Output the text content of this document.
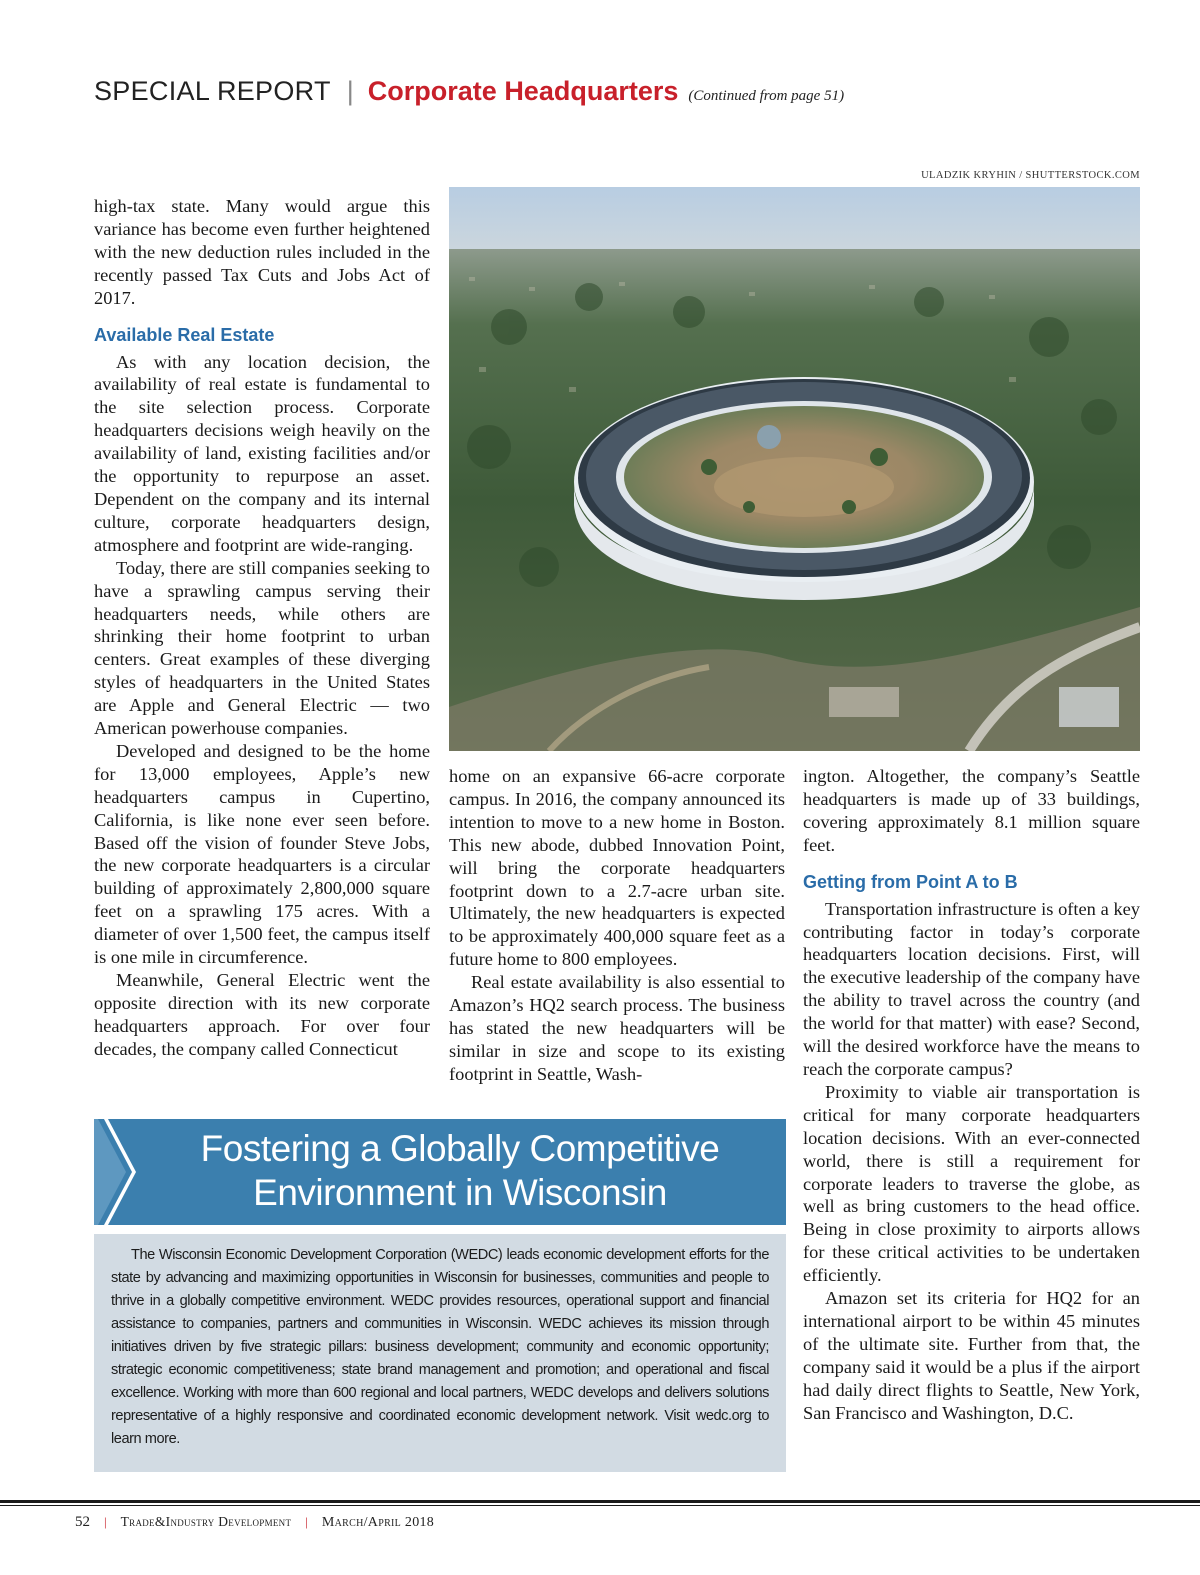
SPECIAL REPORT | Corporate Headquarters (Continued from page 51)
ULADZIK KRYHIN / SHUTTERSTOCK.COM

high-tax state. Many would argue this variance has become even further heightened with the new deduction rules included in the recently passed Tax Cuts and Jobs Act of 2017.

Available Real Estate

As with any location decision, the availability of real estate is fundamental to the site selection process. Corporate headquarters decisions weigh heavily on the availability of land, existing facilities and/or the opportunity to repurpose an asset. Dependent on the company and its internal culture, corporate headquarters design, atmosphere and footprint are wide-ranging.

Today, there are still companies seeking to have a sprawling campus serving their headquarters needs, while others are shrinking their home footprint to urban centers. Great examples of these diverging styles of headquarters in the United States are Apple and General Electric — two American powerhouse companies.

Developed and designed to be the home for 13,000 employees, Apple’s new headquarters campus in Cupertino, California, is like none ever seen before. Based off the vision of founder Steve Jobs, the new corporate headquarters is a circular building of approximately 2,800,000 square feet on a sprawling 175 acres. With a diameter of over 1,500 feet, the campus itself is one mile in circumference.

Meanwhile, General Electric went the opposite direction with its new corporate headquarters approach. For over four decades, the company called Connecticut

home on an expansive 66-acre corporate campus. In 2016, the company announced its intention to move to a new home in Boston. This new abode, dubbed Innovation Point, will bring the corporate headquarters footprint down to a 2.7-acre urban site. Ultimately, the new headquarters is expected to be approximately 400,000 square feet as a future home to 800 employees.

Real estate availability is also essential to Amazon’s HQ2 search process. The business has stated the new headquarters will be similar in size and scope to its existing footprint in Seattle, Wash-

ington. Altogether, the company’s Seattle headquarters is made up of 33 buildings, covering approximately 8.1 million square feet.

Getting from Point A to B

Transportation infrastructure is often a key contributing factor in today’s corporate headquarters location decisions. First, will the executive leadership of the company have the ability to travel across the country (and the world for that matter) with ease? Second, will the desired workforce have the means to reach the corporate campus?

Proximity to viable air transportation is critical for many corporate headquarters location decisions. With an ever-connected world, there is still a requirement for corporate leaders to traverse the globe, as well as bring customers to the head office. Being in close proximity to airports allows for these critical activities to be undertaken efficiently.

Amazon set its criteria for HQ2 for an international airport to be within 45 minutes of the ultimate site. Further from that, the company said it would be a plus if the airport had daily direct flights to Seattle, New York, San Francisco and Washington, D.C.

Fostering a Globally Competitive
Environment in Wisconsin

The Wisconsin Economic Development Corporation (WEDC) leads economic development efforts for the state by advancing and maximizing opportunities in Wisconsin for businesses, communities and people to thrive in a globally competitive environment. WEDC provides resources, operational support and financial assistance to companies, partners and communities in Wisconsin. WEDC achieves its mission through initiatives driven by five strategic pillars: business development; community and economic opportunity; strategic economic competitiveness; state brand management and promotion; and operational and fiscal excellence. Working with more than 600 regional and local partners, WEDC develops and delivers solutions representative of a highly responsive and coordinated economic development network. Visit wedc.org to learn more.

52 | Trade&Industry Development | March/April 2018
